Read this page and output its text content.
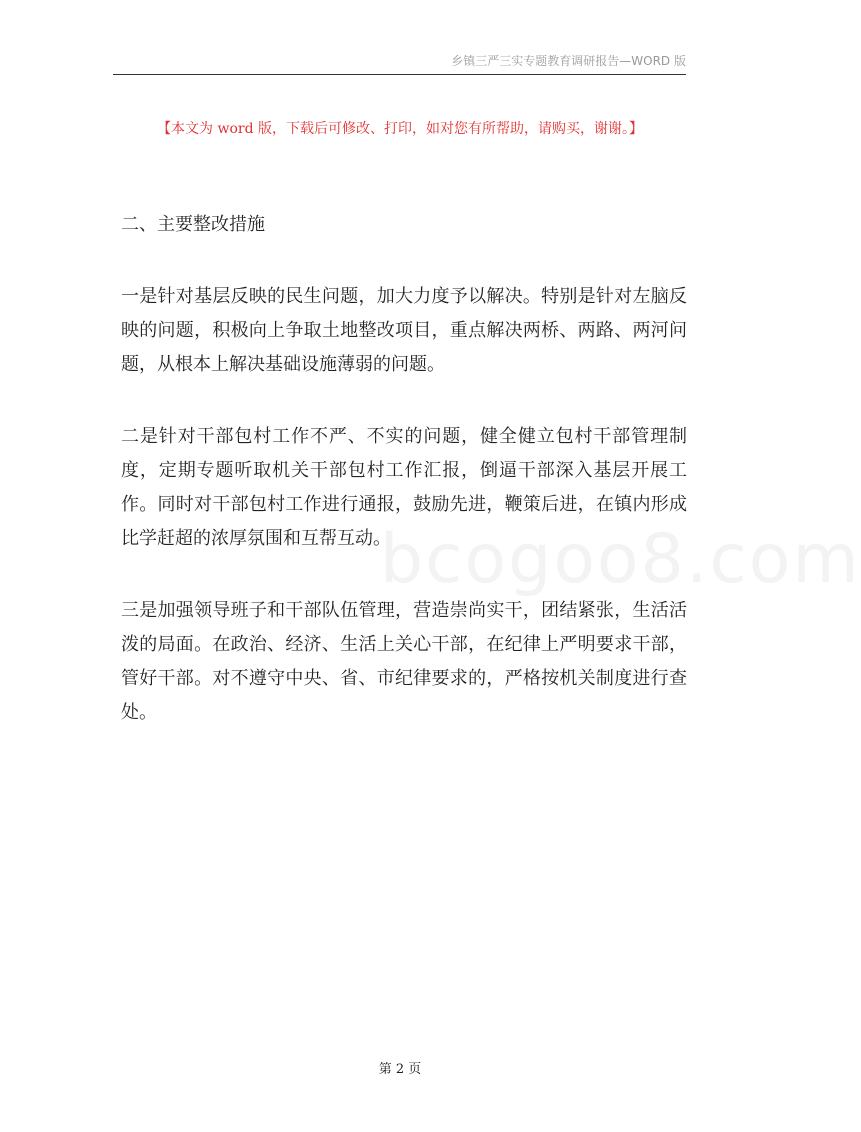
乡镇三严三实专题教育调研报告—WORD 版
【本文为 word 版，下载后可修改、打印，如对您有所帮助，请购买，谢谢。】
二、主要整改措施

一是针对基层反映的民生问题，加大力度予以解决。特别是针对左脑反映的问题，积极向上争取土地整改项目，重点解决两桥、两路、两河问题，从根本上解决基础设施薄弱的问题。

二是针对干部包村工作不严、不实的问题，健全健立包村干部管理制度，定期专题听取机关干部包村工作汇报，倒逼干部深入基层开展工作。同时对干部包村工作进行通报，鼓励先进，鞭策后进，在镇内形成比学赶超的浓厚氛围和互帮互动。

三是加强领导班子和干部队伍管理，营造崇尚实干，团结紧张，生活活泼的局面。在政治、经济、生活上关心干部，在纪律上严明要求干部，管好干部。对不遵守中央、省、市纪律要求的，严格按机关制度进行查处。

bcogoo8.com
第 2 页
